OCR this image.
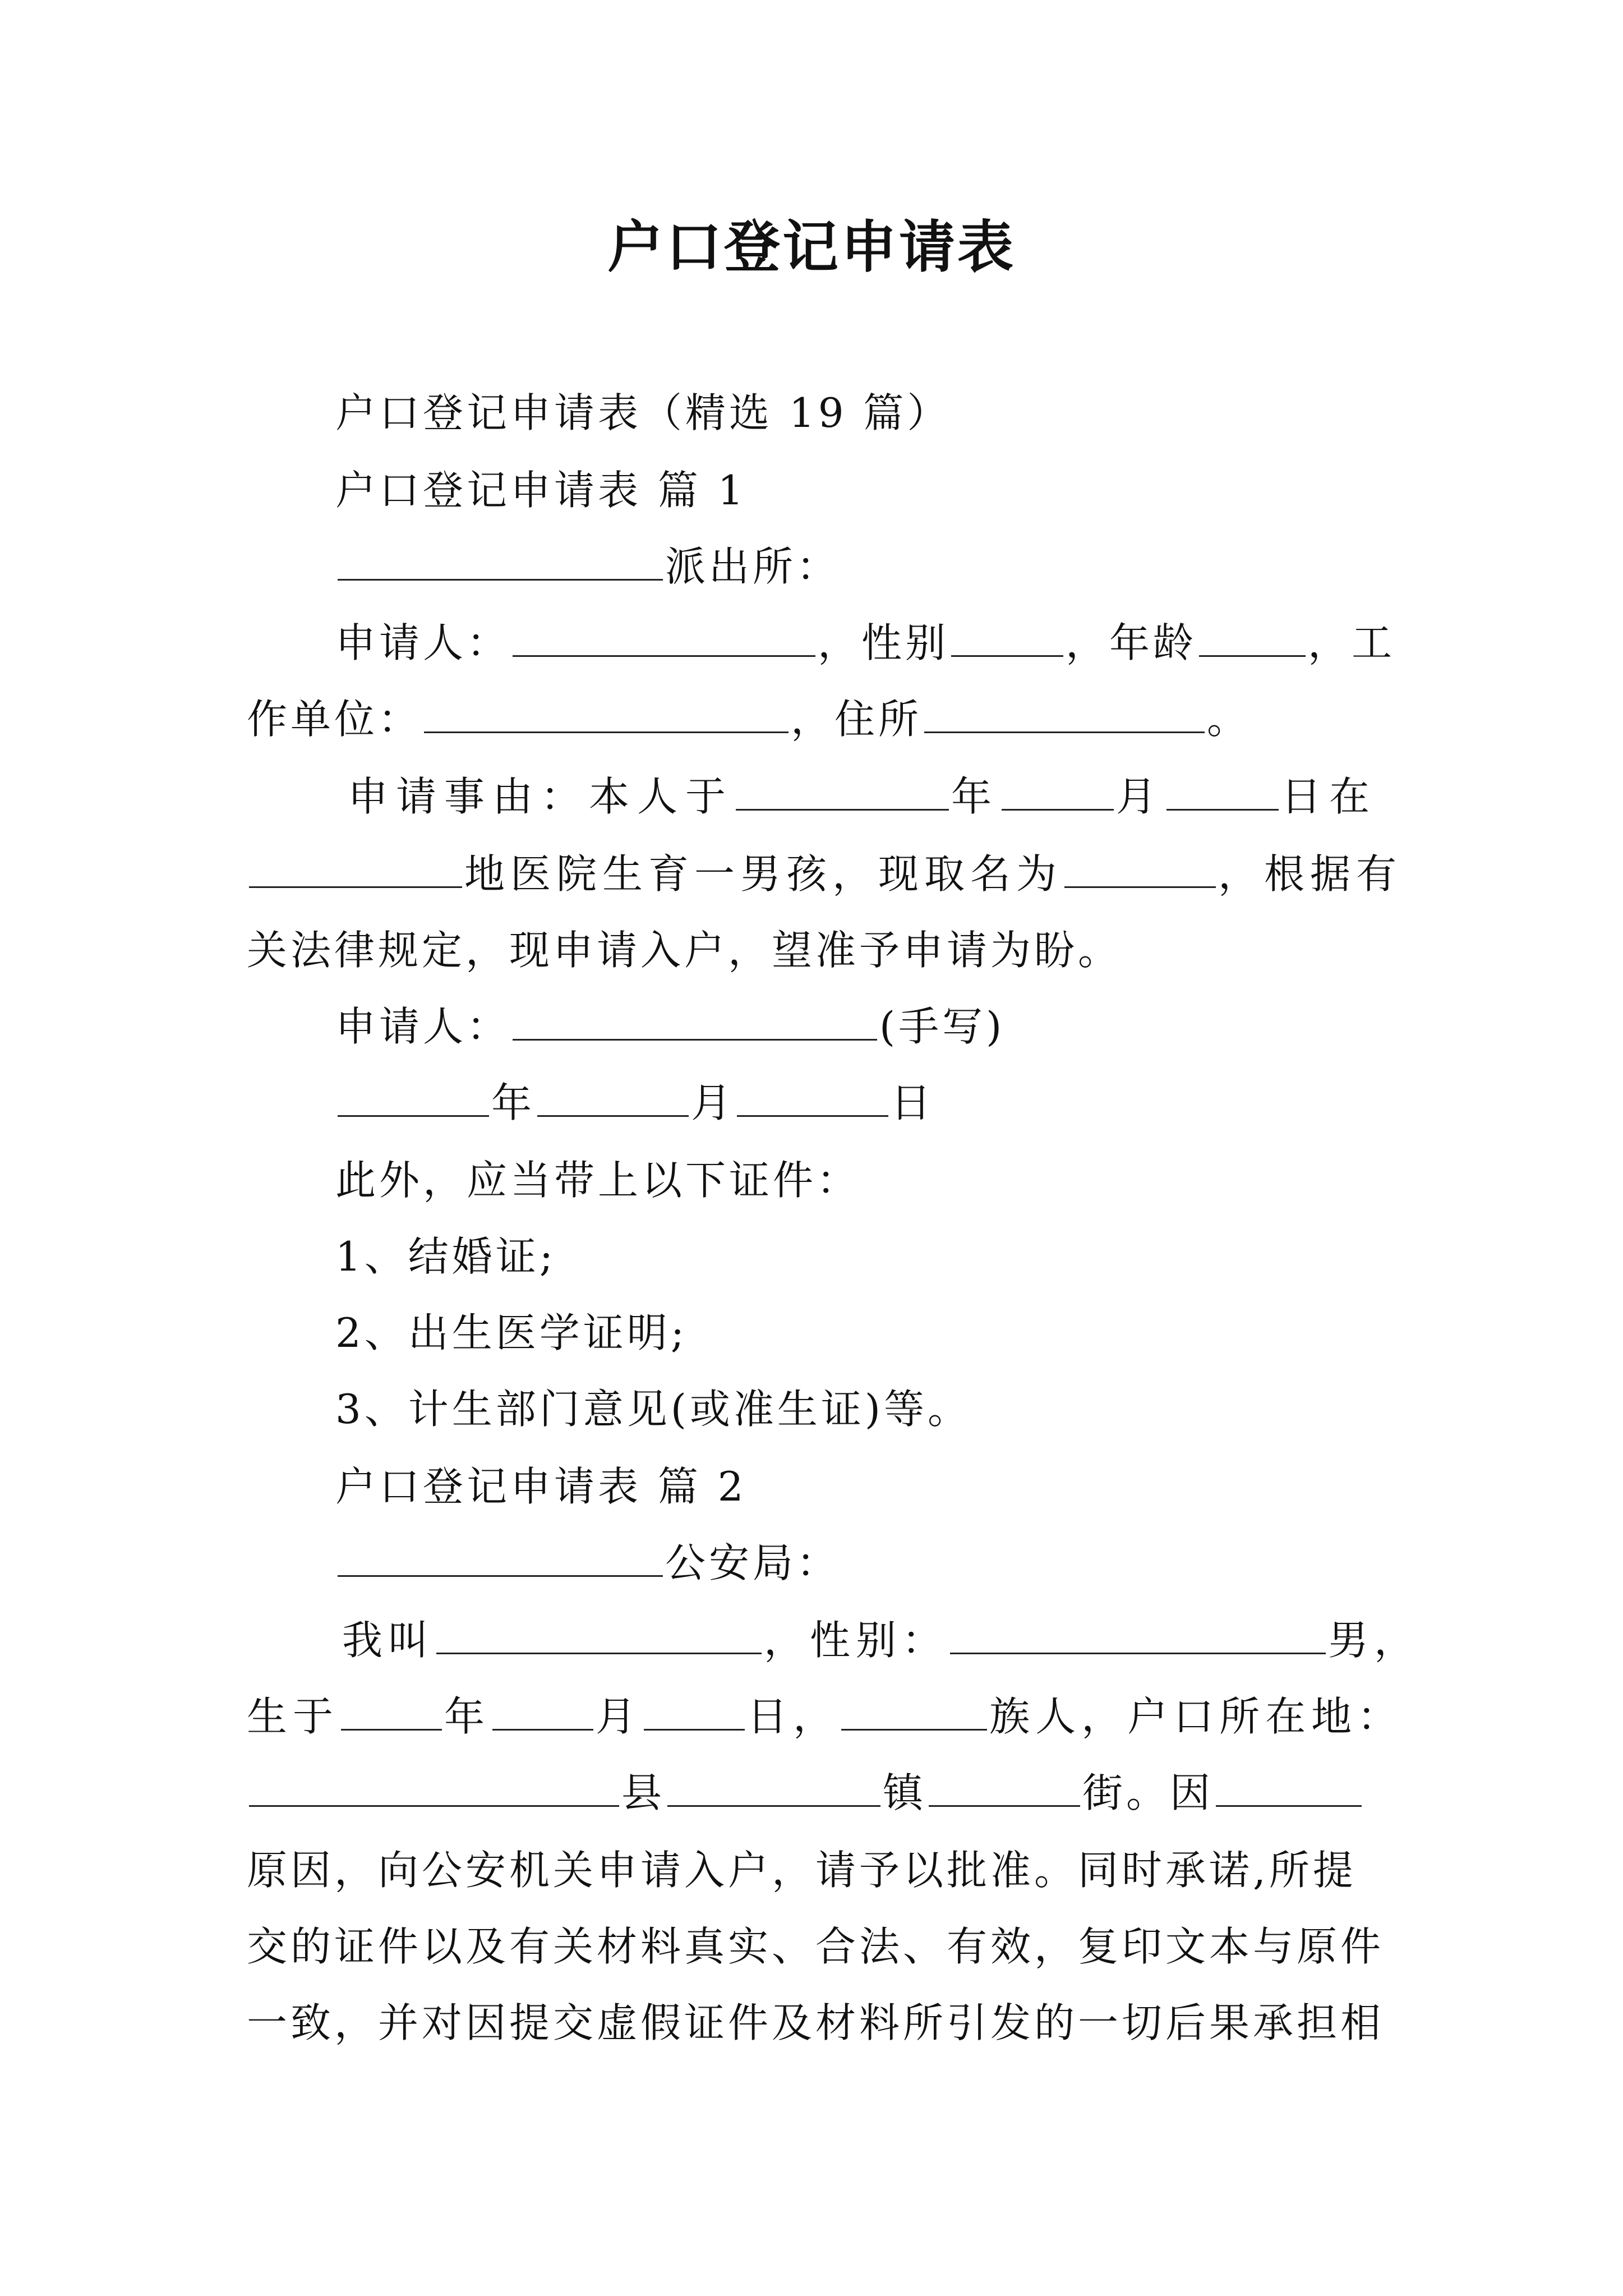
户口登记申请表
户口登记申请表（精选 19 篇）
户口登记申请表 篇 1
派出所：
申请人：	，性别	，年龄	，工
作单位：	，住所	。
申请事由：本人于	年	月	日在
地医院生育一男孩，现取名为	，根据有
关法律规定，现申请入户，望准予申请为盼。
申请人：	(手写)
年	月	日
此外，应当带上以下证件：
1、结婚证;
2、出生医学证明;
3、计生部门意见(或准生证)等。
户口登记申请表 篇 2
公安局：
我叫	，性别：	男，
生于	年	月	日，	族人，户口所在地：
县	镇	街。因
原因，向公安机关申请入户，请予以批准。同时承诺,所提
交的证件以及有关材料真实、合法、有效，复印文本与原件
一致，并对因提交虚假证件及材料所引发的一切后果承担相
